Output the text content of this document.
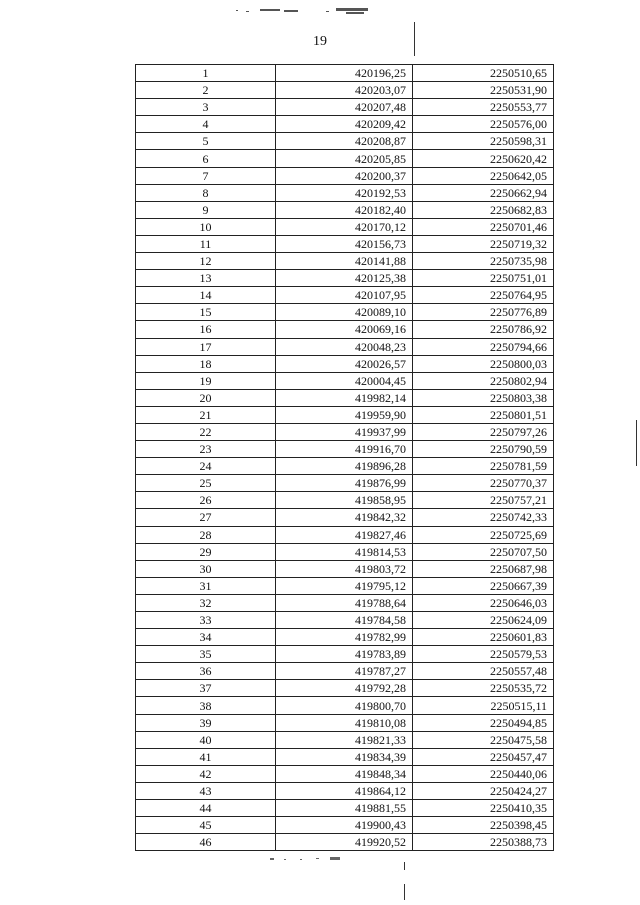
19
1	420196,25	2250510,65
2	420203,07	2250531,90
3	420207,48	2250553,77
4	420209,42	2250576,00
5	420208,87	2250598,31
6	420205,85	2250620,42
7	420200,37	2250642,05
8	420192,53	2250662,94
9	420182,40	2250682,83
10	420170,12	2250701,46
11	420156,73	2250719,32
12	420141,88	2250735,98
13	420125,38	2250751,01
14	420107,95	2250764,95
15	420089,10	2250776,89
16	420069,16	2250786,92
17	420048,23	2250794,66
18	420026,57	2250800,03
19	420004,45	2250802,94
20	419982,14	2250803,38
21	419959,90	2250801,51
22	419937,99	2250797,26
23	419916,70	2250790,59
24	419896,28	2250781,59
25	419876,99	2250770,37
26	419858,95	2250757,21
27	419842,32	2250742,33
28	419827,46	2250725,69
29	419814,53	2250707,50
30	419803,72	2250687,98
31	419795,12	2250667,39
32	419788,64	2250646,03
33	419784,58	2250624,09
34	419782,99	2250601,83
35	419783,89	2250579,53
36	419787,27	2250557,48
37	419792,28	2250535,72
38	419800,70	2250515,11
39	419810,08	2250494,85
40	419821,33	2250475,58
41	419834,39	2250457,47
42	419848,34	2250440,06
43	419864,12	2250424,27
44	419881,55	2250410,35
45	419900,43	2250398,45
46	419920,52	2250388,73
